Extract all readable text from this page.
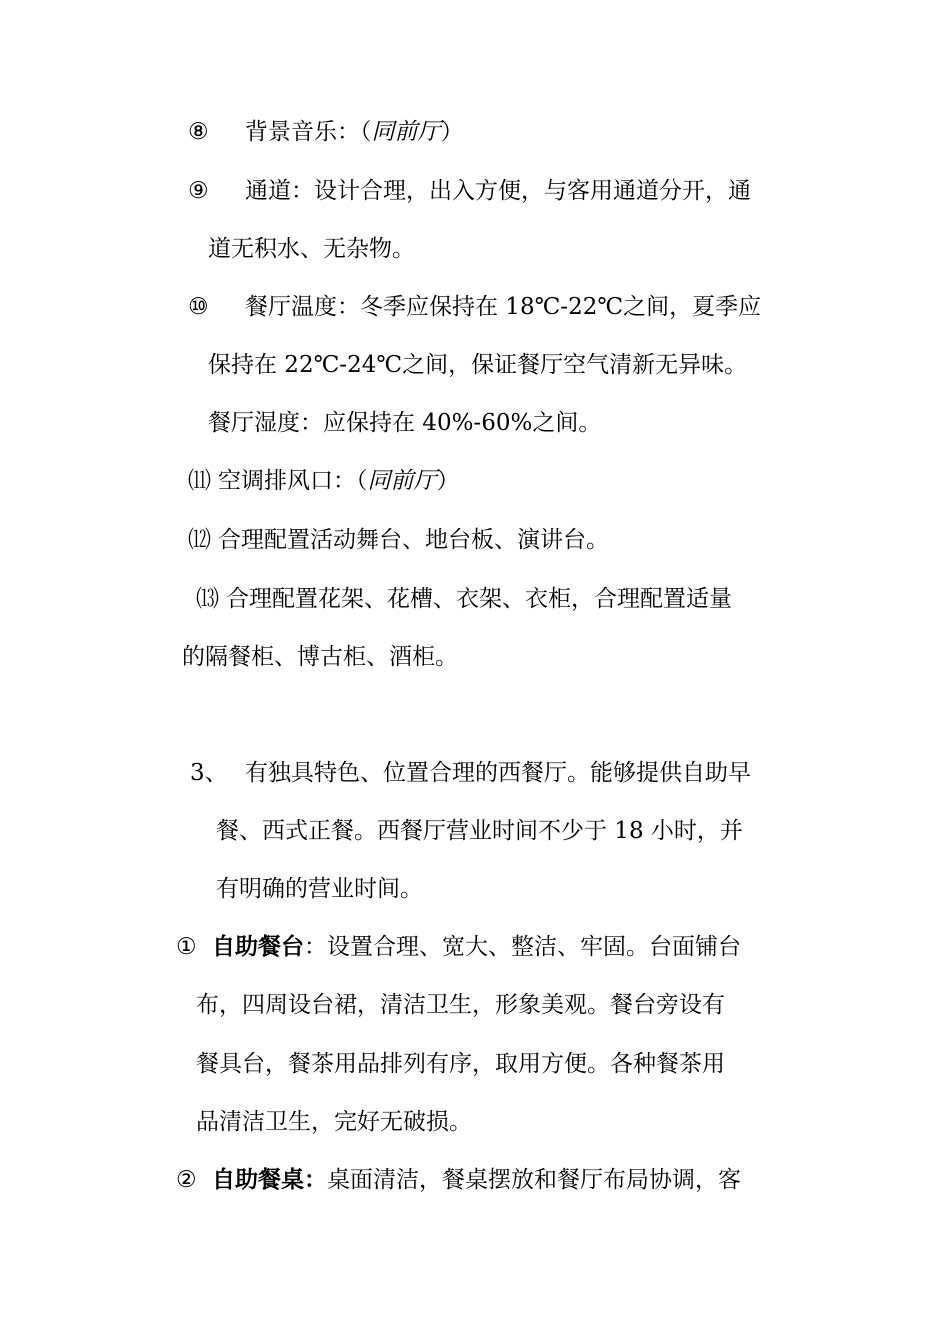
⑧ 背景音乐：（同前厅）
⑨ 通道：设计合理，出入方便，与客用通道分开，通
道无积水、无杂物。
⑩ 餐厅温度：冬季应保持在 18℃-22℃之间，夏季应
保持在 22℃-24℃之间，保证餐厅空气清新无异味。
餐厅湿度：应保持在 40%-60%之间。
⑾ 空调排风口：（同前厅）
⑿ 合理配置活动舞台、地台板、演讲台。
⒀ 合理配置花架、花槽、衣架、衣柜，合理配置适量
的隔餐柜、博古柜、酒柜。
3、 有独具特色、位置合理的西餐厅。能够提供自助早
餐、西式正餐。西餐厅营业时间不少于 18 小时，并
有明确的营业时间。
① 自助餐台：设置合理、宽大、整洁、牢固。台面铺台
布，四周设台裙，清洁卫生，形象美观。餐台旁设有
餐具台，餐茶用品排列有序，取用方便。各种餐茶用
品清洁卫生，完好无破损。
② 自助餐桌：桌面清洁，餐桌摆放和餐厅布局协调，客
